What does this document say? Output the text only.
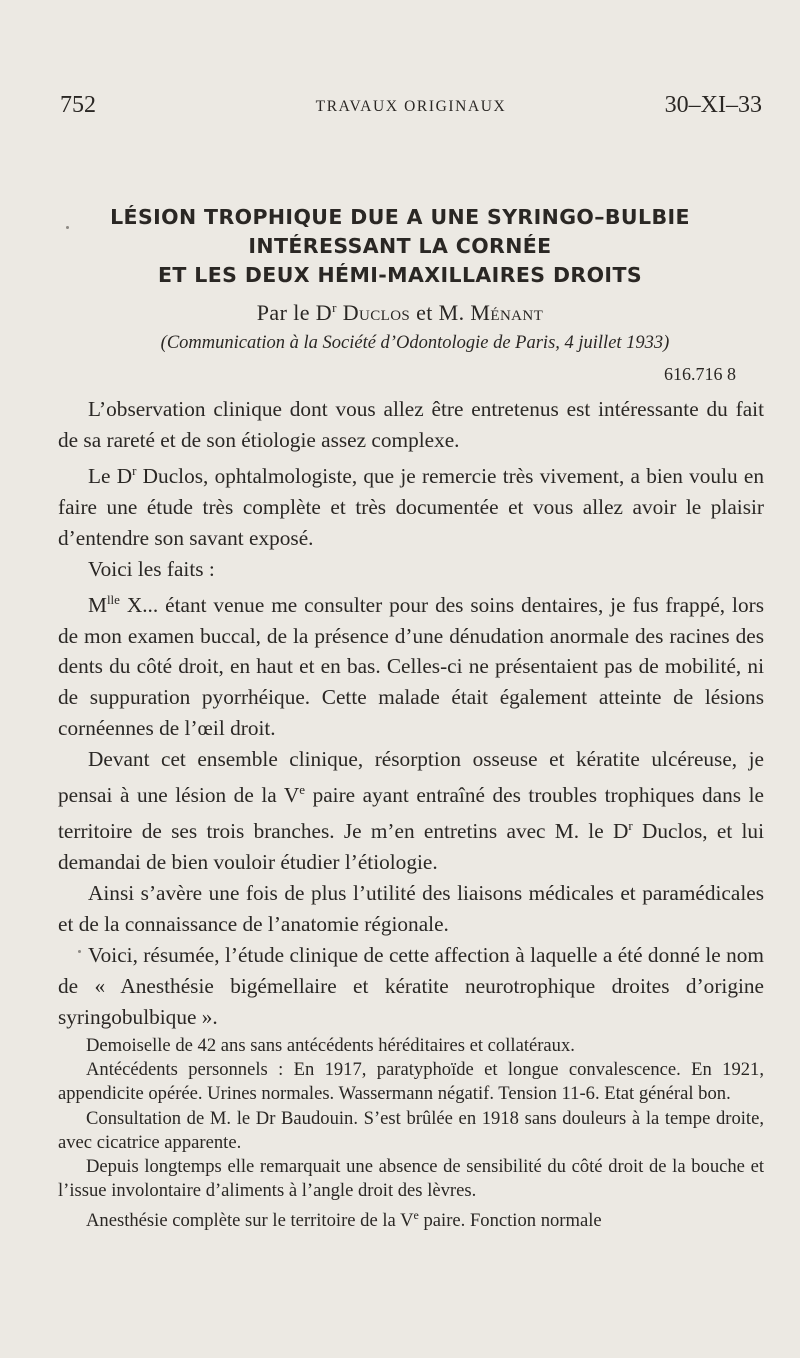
752	TRAVAUX ORIGINAUX	30–XI–33
LÉSION TROPHIQUE DUE A UNE SYRINGO–BULBIE
INTÉRESSANT LA CORNÉE
ET LES DEUX HÉMI-MAXILLAIRES DROITS
Par le $D^r$ Duclos et M. Ménant
(Communication à la Société d’Odontologie de Paris, 4 juillet 1933)
616.716 8

L’observation clinique dont vous allez être entretenus est intéressante du fait de sa rareté et de son étiologie assez complexe.

Le $D^r$ Duclos, ophtalmologiste, que je remercie très vivement, a bien voulu en faire une étude très complète et très documentée et vous allez avoir le plaisir d’entendre son savant exposé.

Voici les faits :

$M^{lle}$ X... étant venue me consulter pour des soins dentaires, je fus frappé, lors de mon examen buccal, de la présence d’une dénudation anormale des racines des dents du côté droit, en haut et en bas. Celles-ci ne présentaient pas de mobilité, ni de suppuration pyorrhéique. Cette malade était également atteinte de lésions cornéennes de l’œil droit.

Devant cet ensemble clinique, résorption osseuse et kératite ulcéreuse, je pensai à une lésion de la Ve paire ayant entraîné des troubles trophiques dans le territoire de ses trois branches. Je m’en entretins avec M. le $D^r$ Duclos, et lui demandai de bien vouloir étudier l’étiologie.

Ainsi s’avère une fois de plus l’utilité des liaisons médicales et paramédicales et de la connaissance de l’anatomie régionale.

Voici, résumée, l’étude clinique de cette affection à laquelle a été donné le nom de « Anesthésie bigémellaire et kératite neurotrophique droites d’origine syringobulbique ».

Demoiselle de 42 ans sans antécédents héréditaires et collatéraux.

Antécédents personnels : En 1917, paratyphoïde et longue convalescence. En 1921, appendicite opérée. Urines normales. Wassermann négatif. Tension 11-6. Etat général bon.

Consultation de M. le Dr Baudouin. S’est brûlée en 1918 sans douleurs à la tempe droite, avec cicatrice apparente.

Depuis longtemps elle remarquait une absence de sensibilité du côté droit de la bouche et l’issue involontaire d’aliments à l’angle droit des lèvres.

Anesthésie complète sur le territoire de la Ve paire. Fonction normale
